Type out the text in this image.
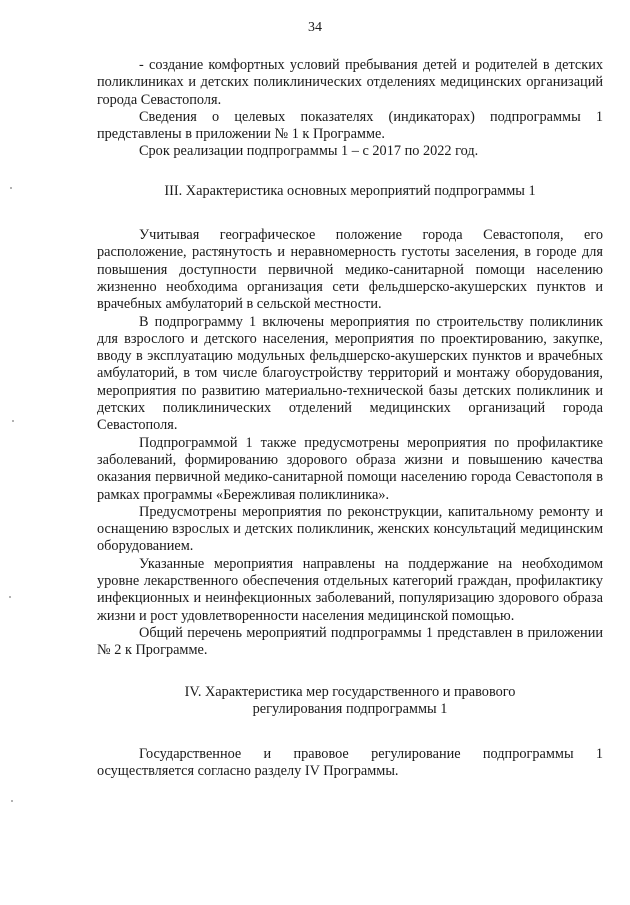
34

- создание комфортных условий пребывания детей и родителей в детских поликлиниках и детских поликлинических отделениях медицинских организаций города Севастополя.

Сведения о целевых показателях (индикаторах) подпрограммы 1 представлены в приложении № 1 к Программе.

Срок реализации подпрограммы 1 – с 2017 по 2022 год.

III. Характеристика основных мероприятий подпрограммы 1

Учитывая географическое положение города Севастополя, его расположение, растянутость и неравномерность густоты заселения, в городе для повышения доступности первичной медико-санитарной помощи населению жизненно необходима организация сети фельдшерско-акушерских пунктов и врачебных амбулаторий в сельской местности.

В подпрограмму 1 включены мероприятия по строительству поликлиник для взрослого и детского населения, мероприятия по проектированию, закупке, вводу в эксплуатацию модульных фельдшерско-акушерских пунктов и врачебных амбулаторий, в том числе благоустройству территорий и монтажу оборудования, мероприятия по развитию материально-технической базы детских поликлиник и детских поликлинических отделений медицинских организаций города Севастополя.

Подпрограммой 1 также предусмотрены мероприятия по профилактике заболеваний, формированию здорового образа жизни и повышению качества оказания первичной медико-санитарной помощи населению города Севастополя в рамках программы «Бережливая поликлиника».

Предусмотрены мероприятия по реконструкции, капитальному ремонту и оснащению взрослых и детских поликлиник, женских консультаций медицинским оборудованием.

Указанные мероприятия направлены на поддержание на необходимом уровне лекарственного обеспечения отдельных категорий граждан, профилактику инфекционных и неинфекционных заболеваний, популяризацию здорового образа жизни и рост удовлетворенности населения медицинской помощью.

Общий перечень мероприятий подпрограммы 1 представлен в приложении № 2 к Программе.

IV. Характеристика мер государственного и правового

регулирования подпрограммы 1

Государственное и правовое регулирование подпрограммы 1 осуществляется согласно разделу IV Программы.
